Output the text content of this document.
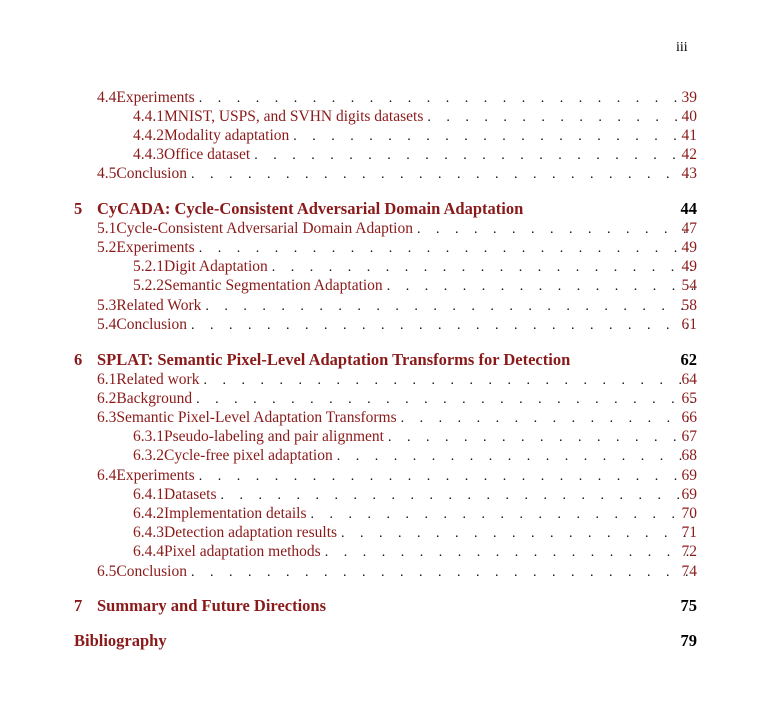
iii
4.4 Experiments . . .	39
4.4.1 MNIST, USPS, and SVHN digits datasets . . .	40
4.4.2 Modality adaptation . . .	41
4.4.3 Office dataset . . .	42
4.5 Conclusion . . .	43
5 CyCADA: Cycle-Consistent Adversarial Domain Adaptation	44
5.1 Cycle-Consistent Adversarial Domain Adaption . . .	47
5.2 Experiments . . .	49
5.2.1 Digit Adaptation . . .	49
5.2.2 Semantic Segmentation Adaptation . . .	54
5.3 Related Work . . .	58
5.4 Conclusion . . .	61
6 SPLAT: Semantic Pixel-Level Adaptation Transforms for Detection	62
6.1 Related work . . .	64
6.2 Background . . .	65
6.3 Semantic Pixel-Level Adaptation Transforms . . .	66
6.3.1 Pseudo-labeling and pair alignment . . .	67
6.3.2 Cycle-free pixel adaptation . . .	68
6.4 Experiments . . .	69
6.4.1 Datasets . . .	69
6.4.2 Implementation details . . .	70
6.4.3 Detection adaptation results . . .	71
6.4.4 Pixel adaptation methods . . .	72
6.5 Conclusion . . .	74
7 Summary and Future Directions	75
Bibliography	79
